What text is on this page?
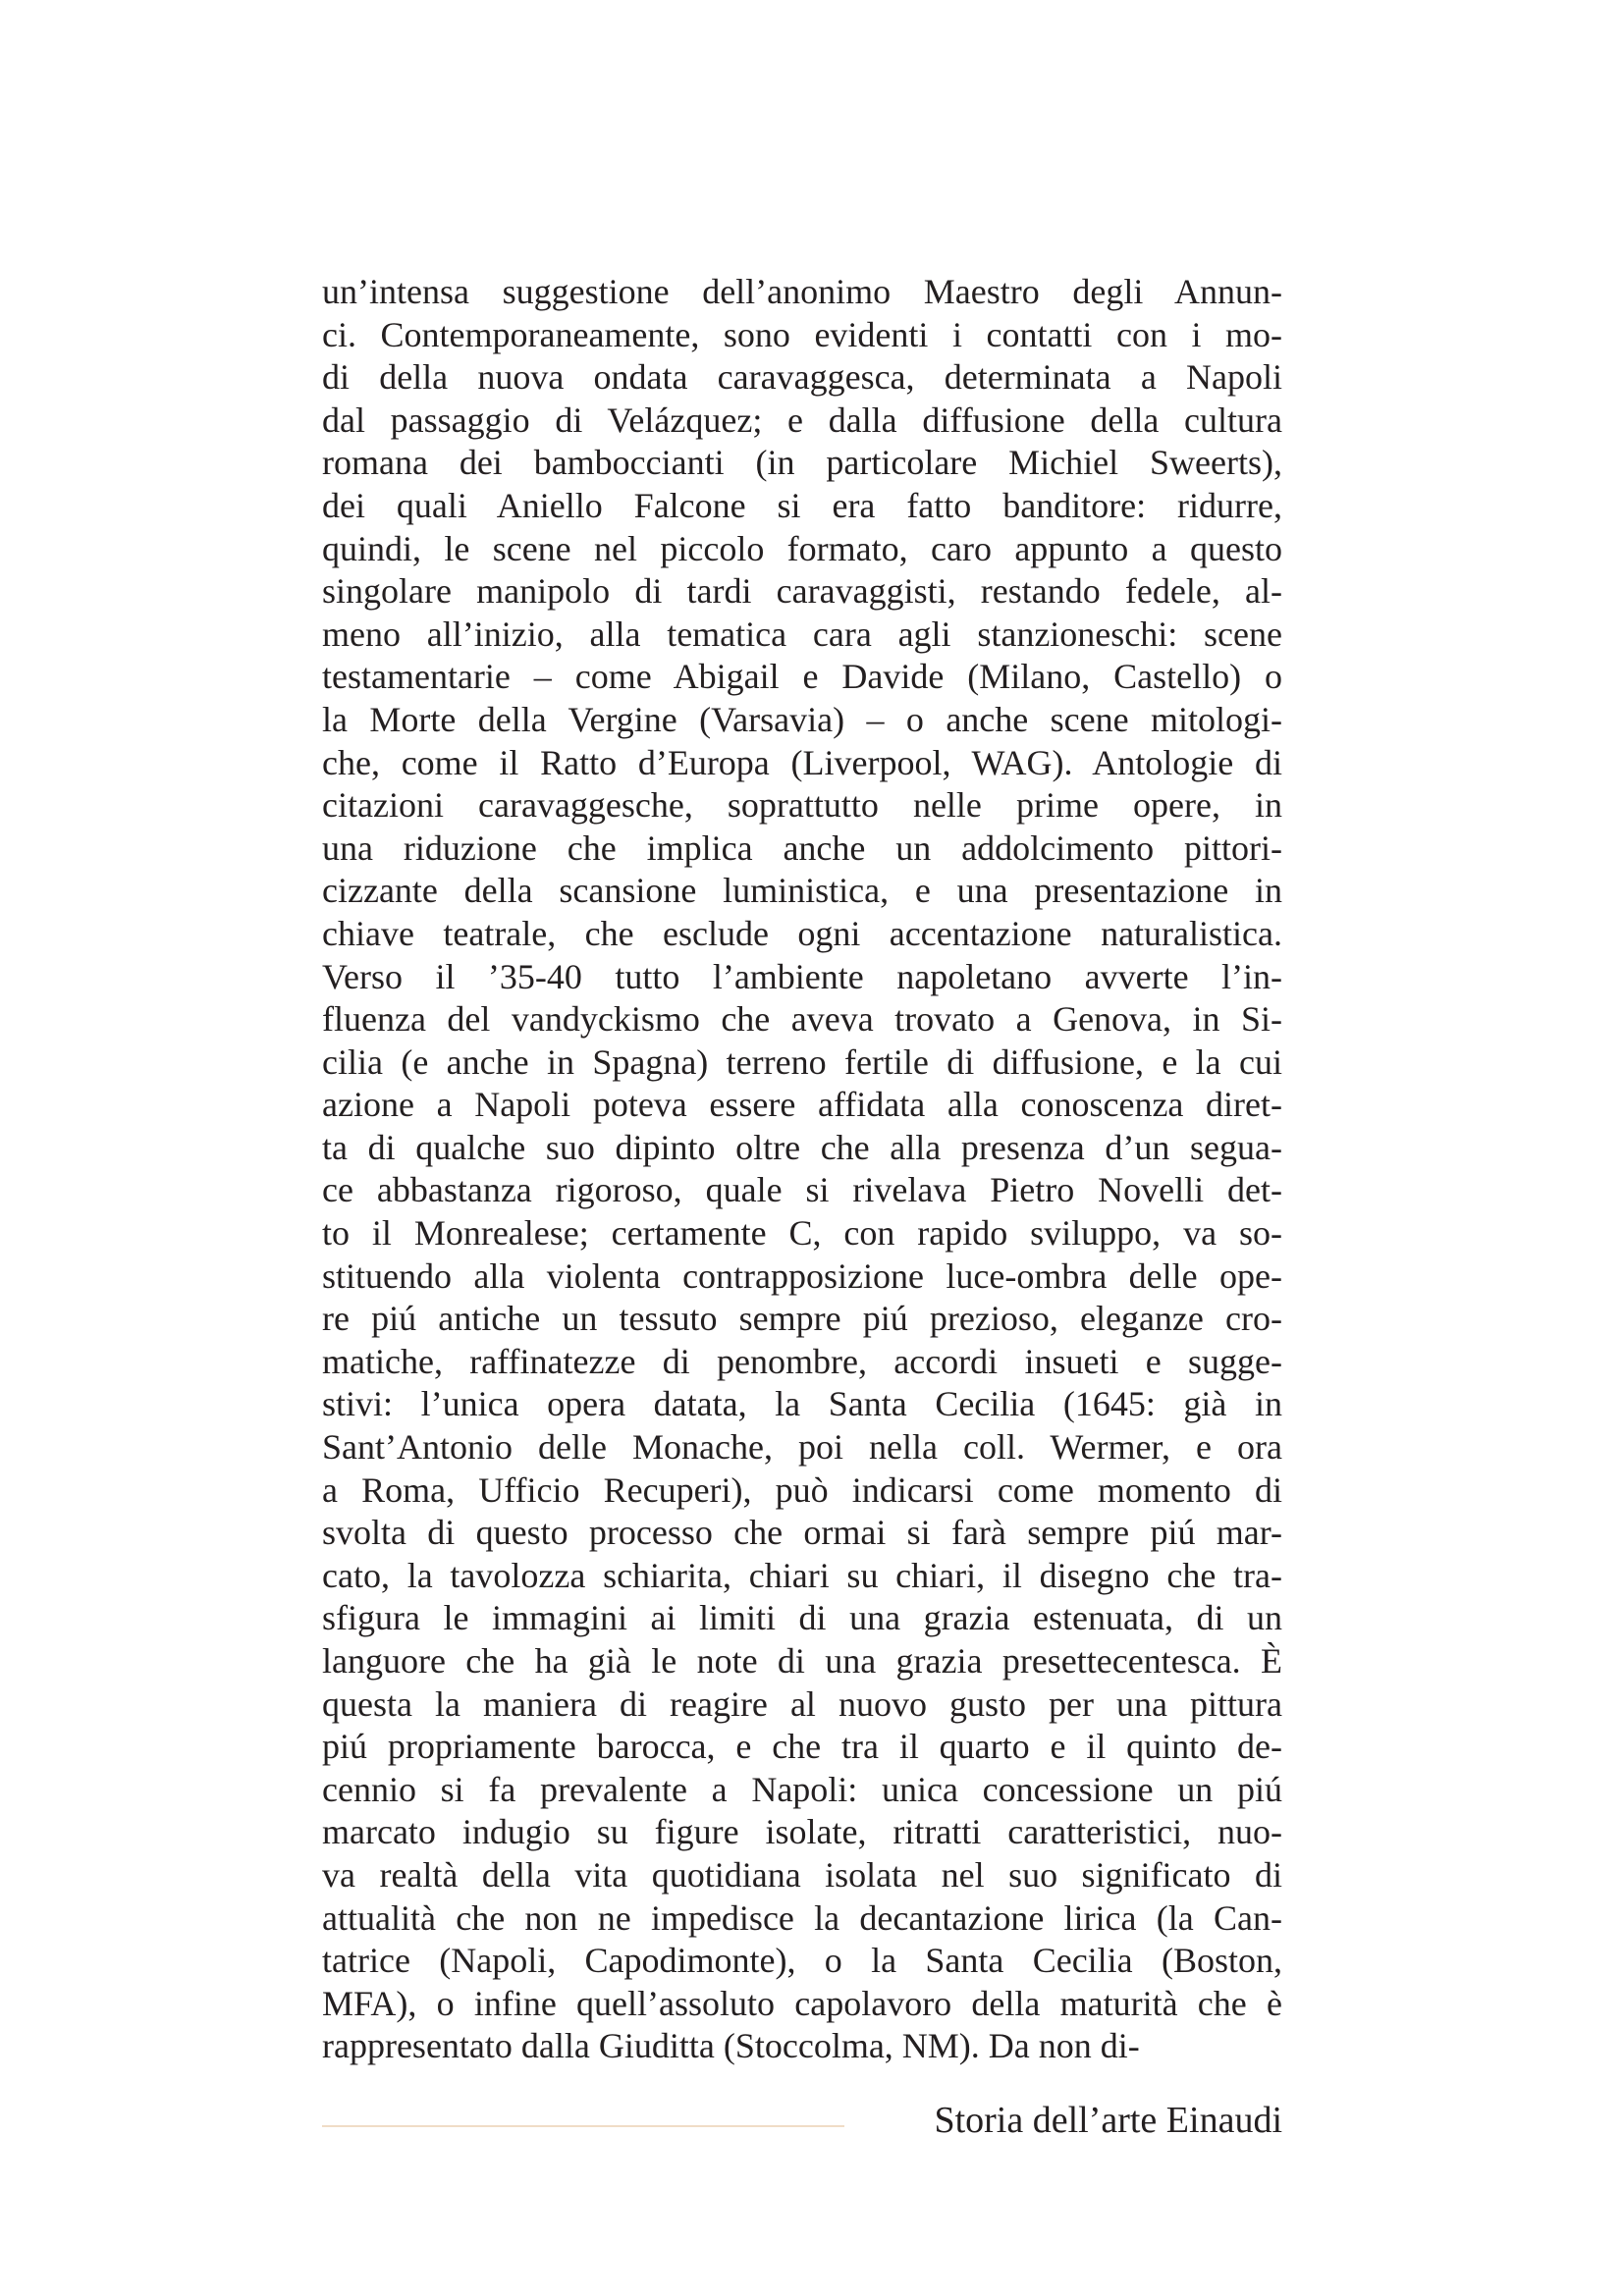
un’intensa suggestione dell’anonimo Maestro degli Annun-
ci. Contemporaneamente, sono evidenti i contatti con i mo-
di della nuova ondata caravaggesca, determinata a Napoli
dal passaggio di Velázquez; e dalla diffusione della cultura
romana dei bamboccianti (in particolare Michiel Sweerts),
dei quali Aniello Falcone si era fatto banditore: ridurre,
quindi, le scene nel piccolo formato, caro appunto a questo
singolare manipolo di tardi caravaggisti, restando fedele, al-
meno all’inizio, alla tematica cara agli stanzioneschi: scene
testamentarie – come Abigail e Davide (Milano, Castello) o
la Morte della Vergine (Varsavia) – o anche scene mitologi-
che, come il Ratto d’Europa (Liverpool, WAG). Antologie di
citazioni caravaggesche, soprattutto nelle prime opere, in
una riduzione che implica anche un addolcimento pittori-
cizzante della scansione luministica, e una presentazione in
chiave teatrale, che esclude ogni accentazione naturalistica.
Verso il ’35-40 tutto l’ambiente napoletano avverte l’in-
fluenza del vandyckismo che aveva trovato a Genova, in Si-
cilia (e anche in Spagna) terreno fertile di diffusione, e la cui
azione a Napoli poteva essere affidata alla conoscenza diret-
ta di qualche suo dipinto oltre che alla presenza d’un segua-
ce abbastanza rigoroso, quale si rivelava Pietro Novelli det-
to il Monrealese; certamente C, con rapido sviluppo, va so-
stituendo alla violenta contrapposizione luce-ombra delle ope-
re piú antiche un tessuto sempre piú prezioso, eleganze cro-
matiche, raffinatezze di penombre, accordi insueti e sugge-
stivi: l’unica opera datata, la Santa Cecilia (1645: già in
Sant’Antonio delle Monache, poi nella coll. Wermer, e ora
a Roma, Ufficio Recuperi), può indicarsi come momento di
svolta di questo processo che ormai si farà sempre piú mar-
cato, la tavolozza schiarita, chiari su chiari, il disegno che tra-
sfigura le immagini ai limiti di una grazia estenuata, di un
languore che ha già le note di una grazia presettecentesca. È
questa la maniera di reagire al nuovo gusto per una pittura
piú propriamente barocca, e che tra il quarto e il quinto de-
cennio si fa prevalente a Napoli: unica concessione un piú
marcato indugio su figure isolate, ritratti caratteristici, nuo-
va realtà della vita quotidiana isolata nel suo significato di
attualità che non ne impedisce la decantazione lirica (la Can-
tatrice (Napoli, Capodimonte), o la Santa Cecilia (Boston,
MFA), o infine quell’assoluto capolavoro della maturità che è
rappresentato dalla Giuditta (Stoccolma, NM). Da non di-
Storia dell’arte Einaudi
